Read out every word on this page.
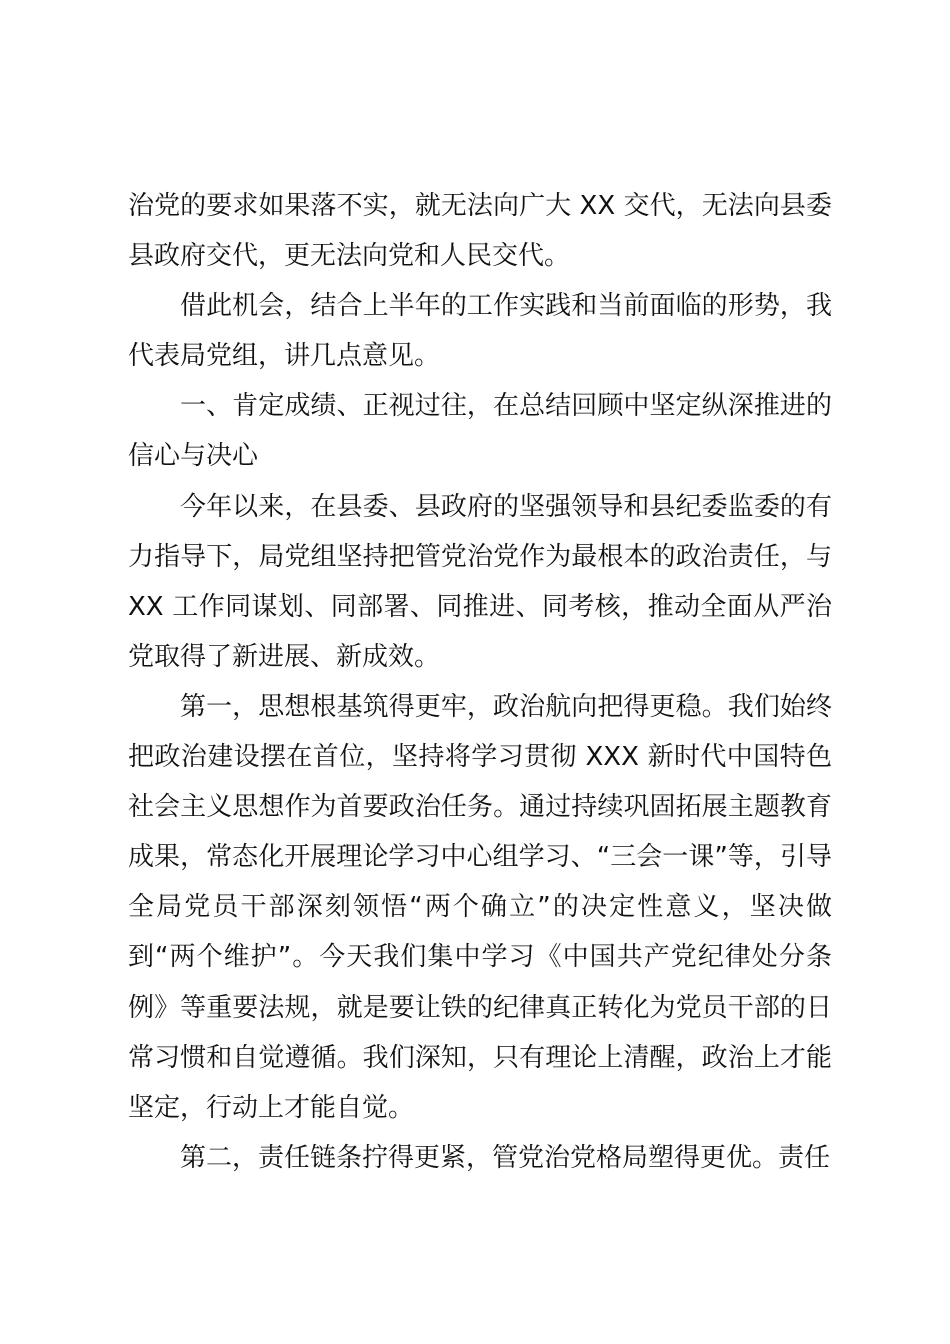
治党的要求如果落不实，就无法向广大 XX 交代，无法向县委县政府交代，更无法向党和人民交代。

借此机会，结合上半年的工作实践和当前面临的形势，我代表局党组，讲几点意见。

一、肯定成绩、正视过往，在总结回顾中坚定纵深推进的信心与决心

今年以来，在县委、县政府的坚强领导和县纪委监委的有力指导下，局党组坚持把管党治党作为最根本的政治责任，与 XX 工作同谋划、同部署、同推进、同考核，推动全面从严治党取得了新进展、新成效。

第一，思想根基筑得更牢，政治航向把得更稳。我们始终把政治建设摆在首位，坚持将学习贯彻 XXX 新时代中国特色社会主义思想作为首要政治任务。通过持续巩固拓展主题教育成果，常态化开展理论学习中心组学习、“三会一课”等，引导全局党员干部深刻领悟“两个确立”的决定性意义，坚决做到“两个维护”。今天我们集中学习《中国共产党纪律处分条例》等重要法规，就是要让铁的纪律真正转化为党员干部的日常习惯和自觉遵循。我们深知，只有理论上清醒，政治上才能坚定，行动上才能自觉。

第二，责任链条拧得更紧，管党治党格局塑得更优。责任
